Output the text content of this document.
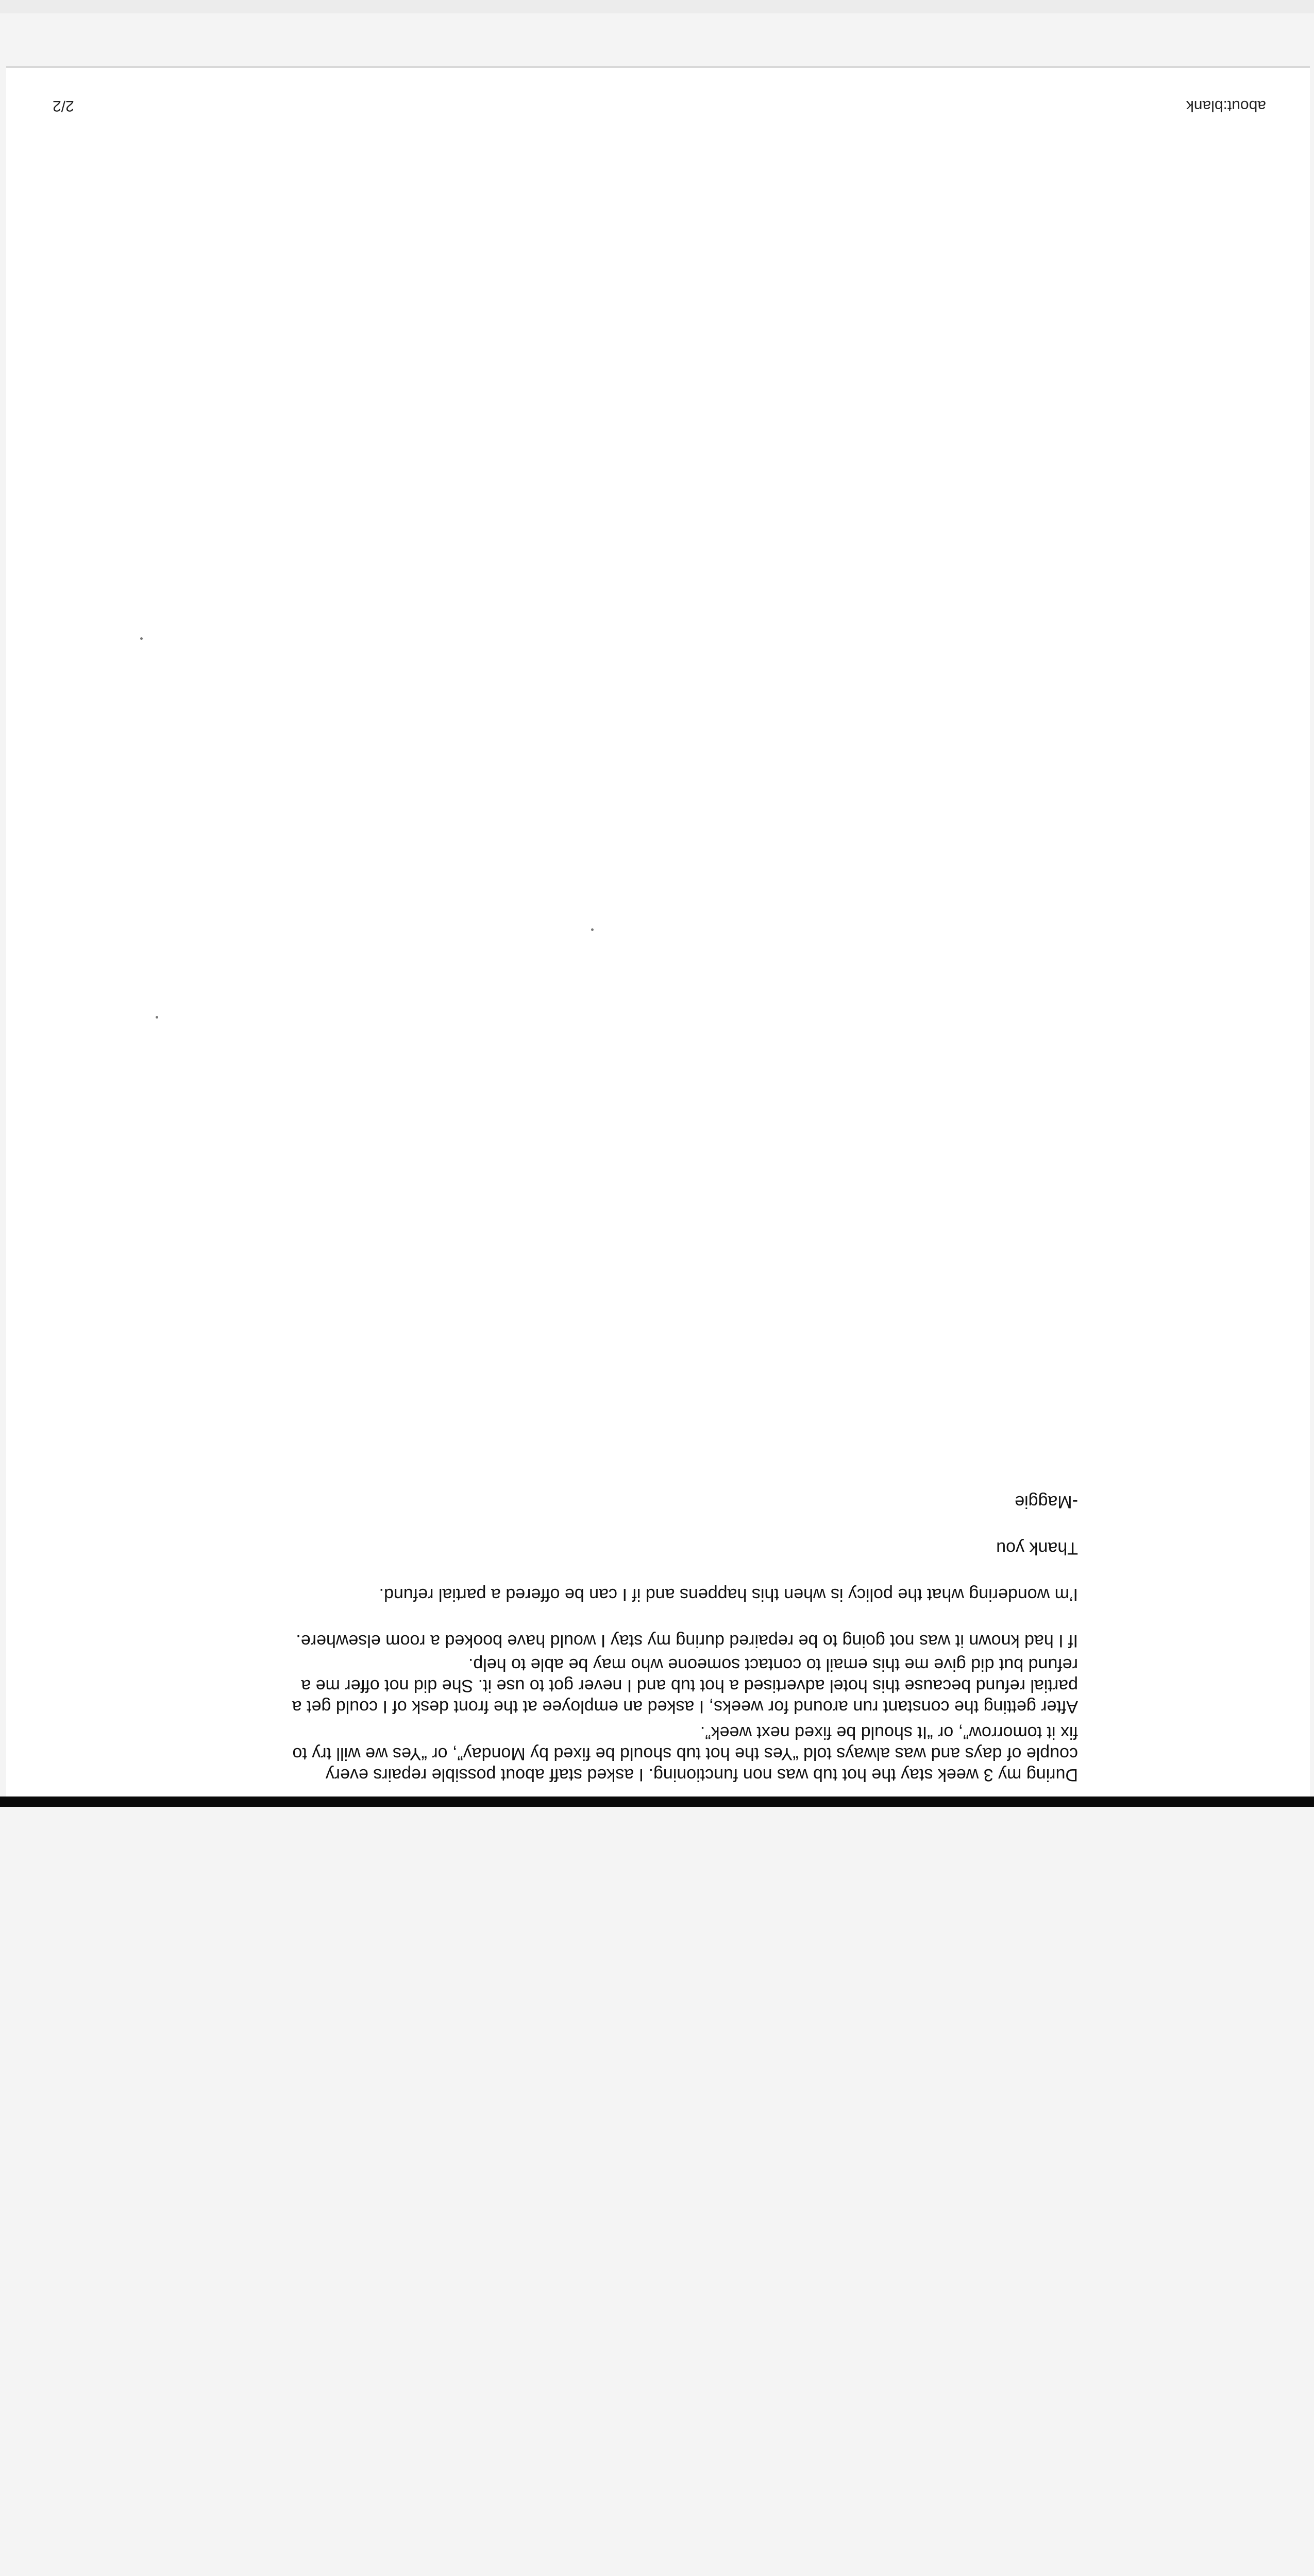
During my 3 week stay the hot tub was non functioning. I asked staff about possible repairs every couple of days and was always told “Yes the hot tub should be fixed by Monday”, or “Yes we will try to fix it tomorrow”, or “It should be fixed next week”.

After getting the constant run around for weeks, I asked an employee at the front desk of I could get a partial refund because this hotel advertised a hot tub and I never got to use it. She did not offer me a refund but did give me this email to contact someone who may be able to help.

If I had known it was not going to be repaired during my stay I would have booked a room elsewhere.

I’m wondering what the policy is when this happens and if I can be offered a partial refund.

Thank you

-Maggie

about:blank
2/2
